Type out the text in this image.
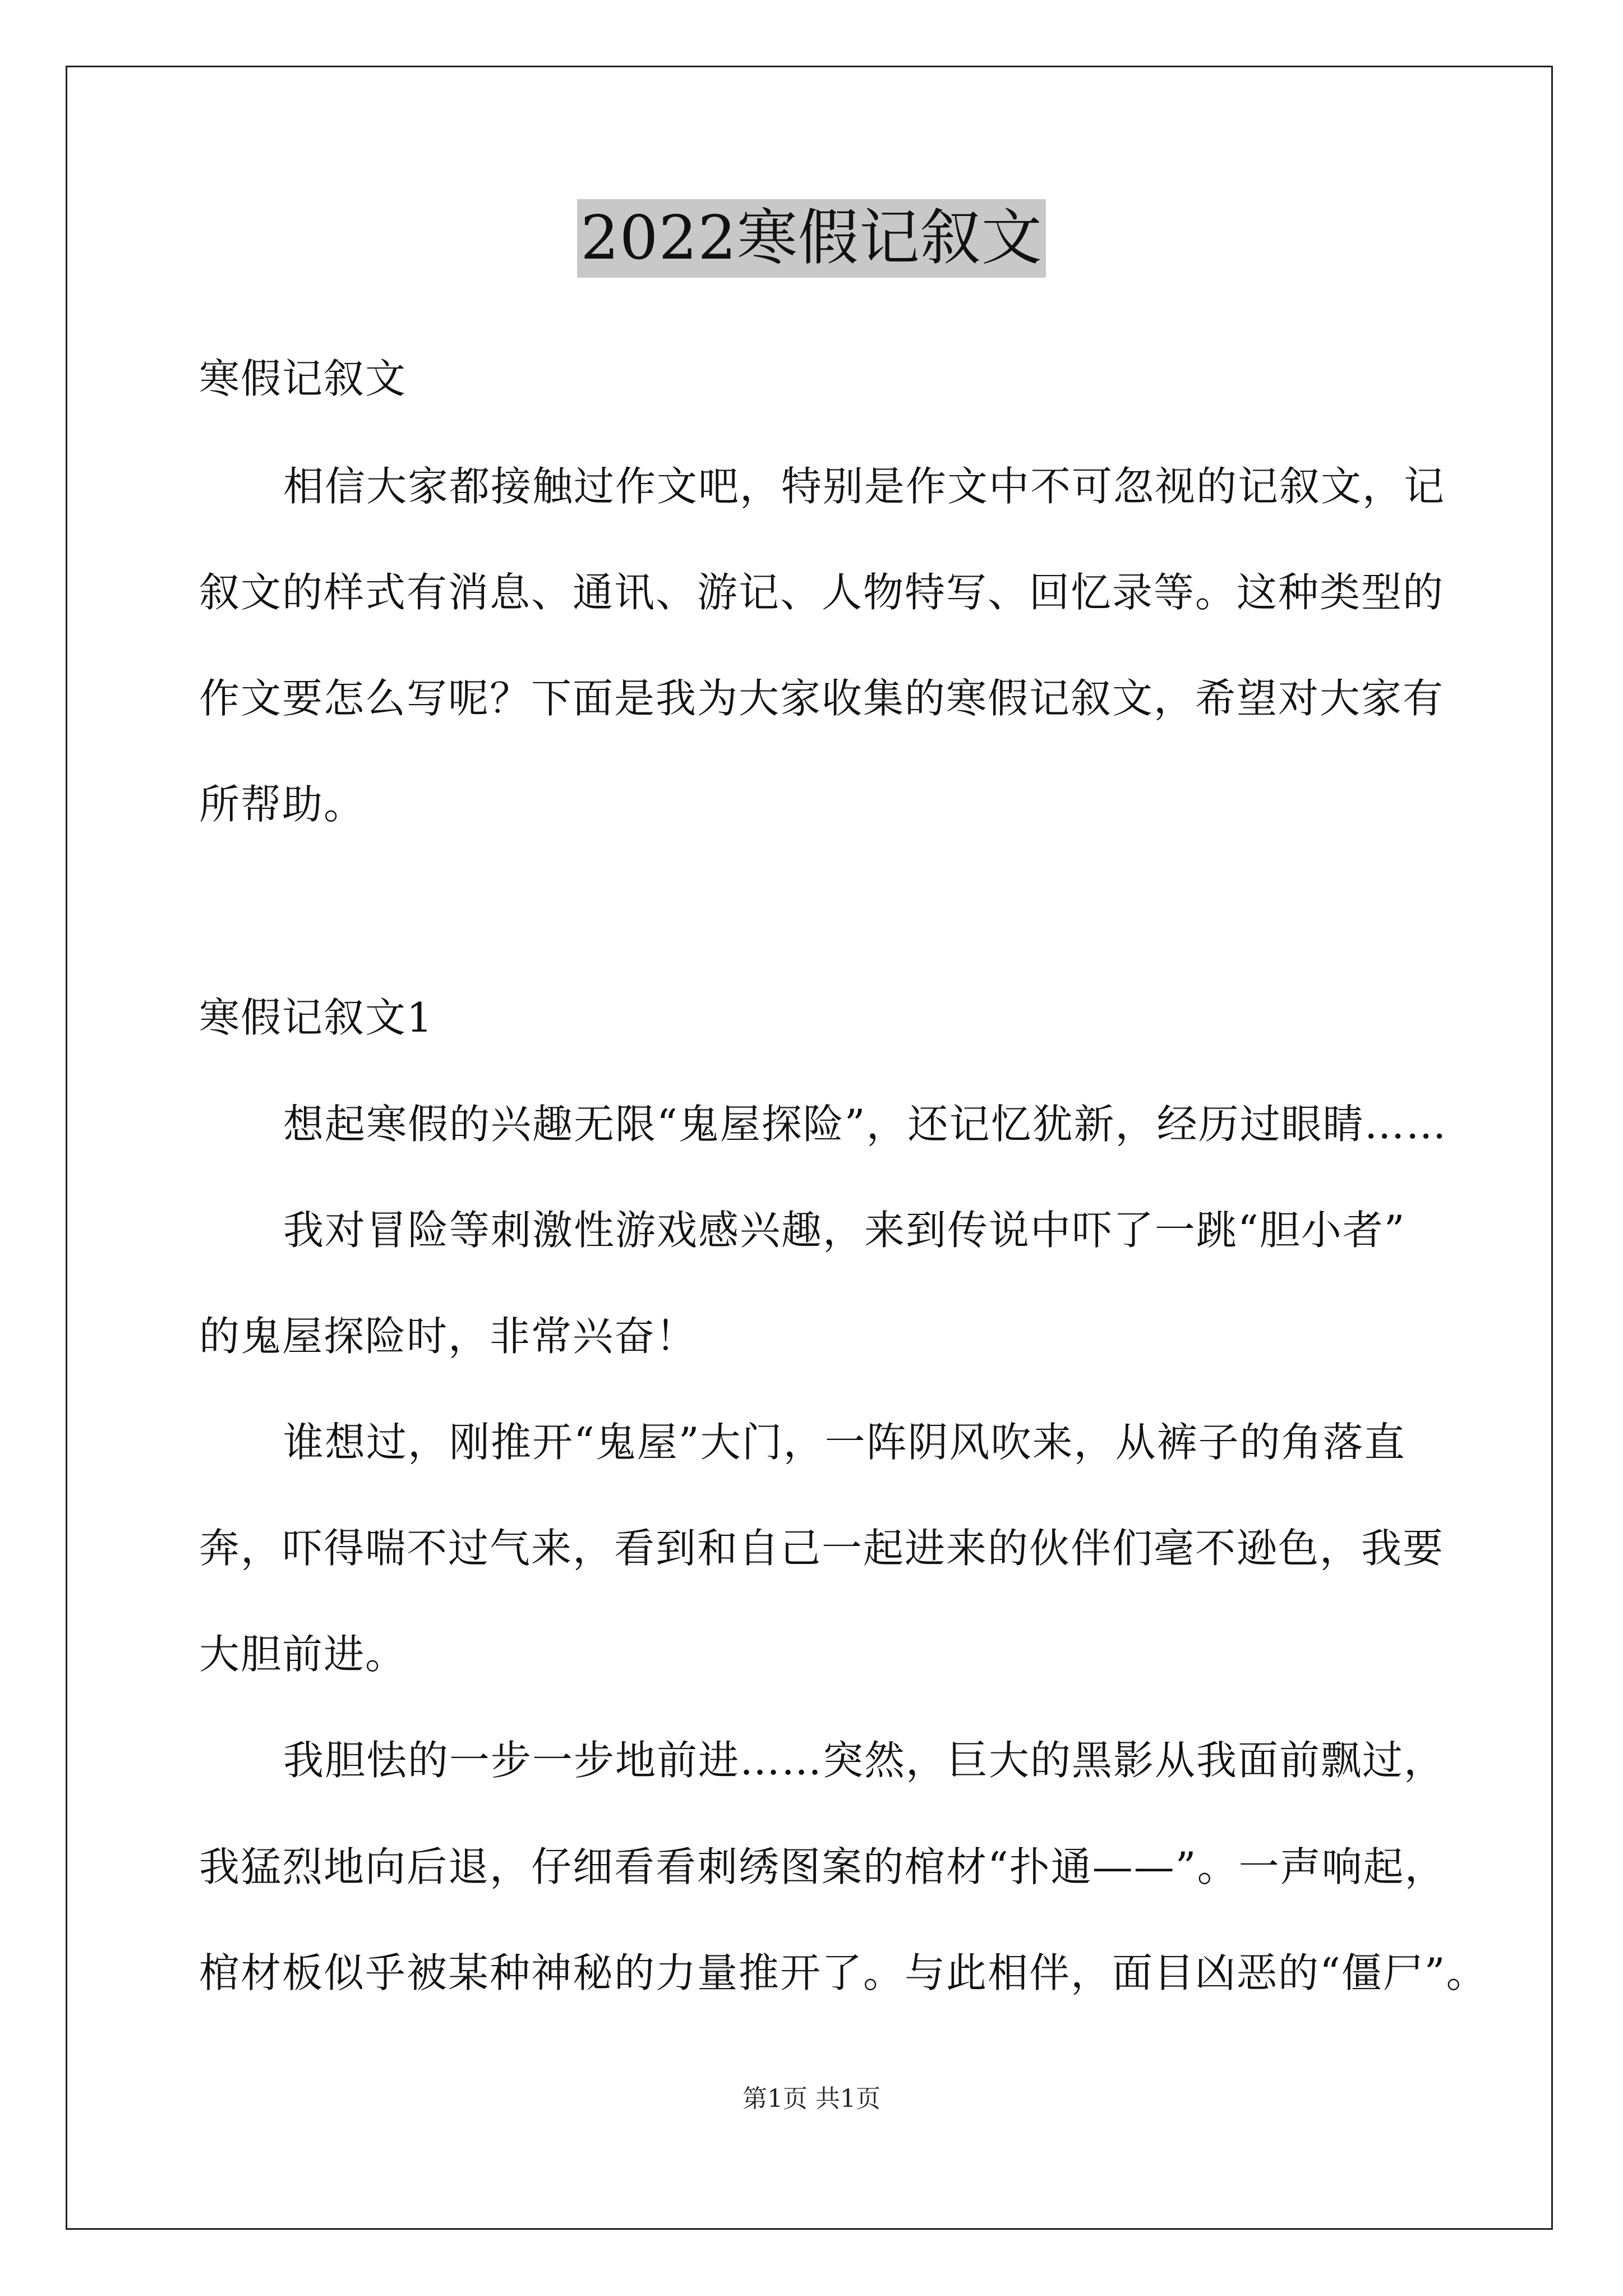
2022寒假记叙文
寒假记叙文
相信大家都接触过作文吧，特别是作文中不可忽视的记叙文，记
叙文的样式有消息、通讯、游记、人物特写、回忆录等。这种类型的
作文要怎么写呢？下面是我为大家收集的寒假记叙文，希望对大家有
所帮助。
寒假记叙文1
想起寒假的兴趣无限“鬼屋探险”，还记忆犹新，经历过眼睛……
我对冒险等刺激性游戏感兴趣，来到传说中吓了一跳“胆小者”
的鬼屋探险时，非常兴奋！
谁想过，刚推开“鬼屋”大门，一阵阴风吹来，从裤子的角落直
奔，吓得喘不过气来，看到和自己一起进来的伙伴们毫不逊色，我要
大胆前进。
我胆怯的一步一步地前进……突然，巨大的黑影从我面前飘过，
我猛烈地向后退，仔细看看刺绣图案的棺材“扑通——”。一声响起，
棺材板似乎被某种神秘的力量推开了。与此相伴，面目凶恶的“僵尸”。
第1页 共1页
